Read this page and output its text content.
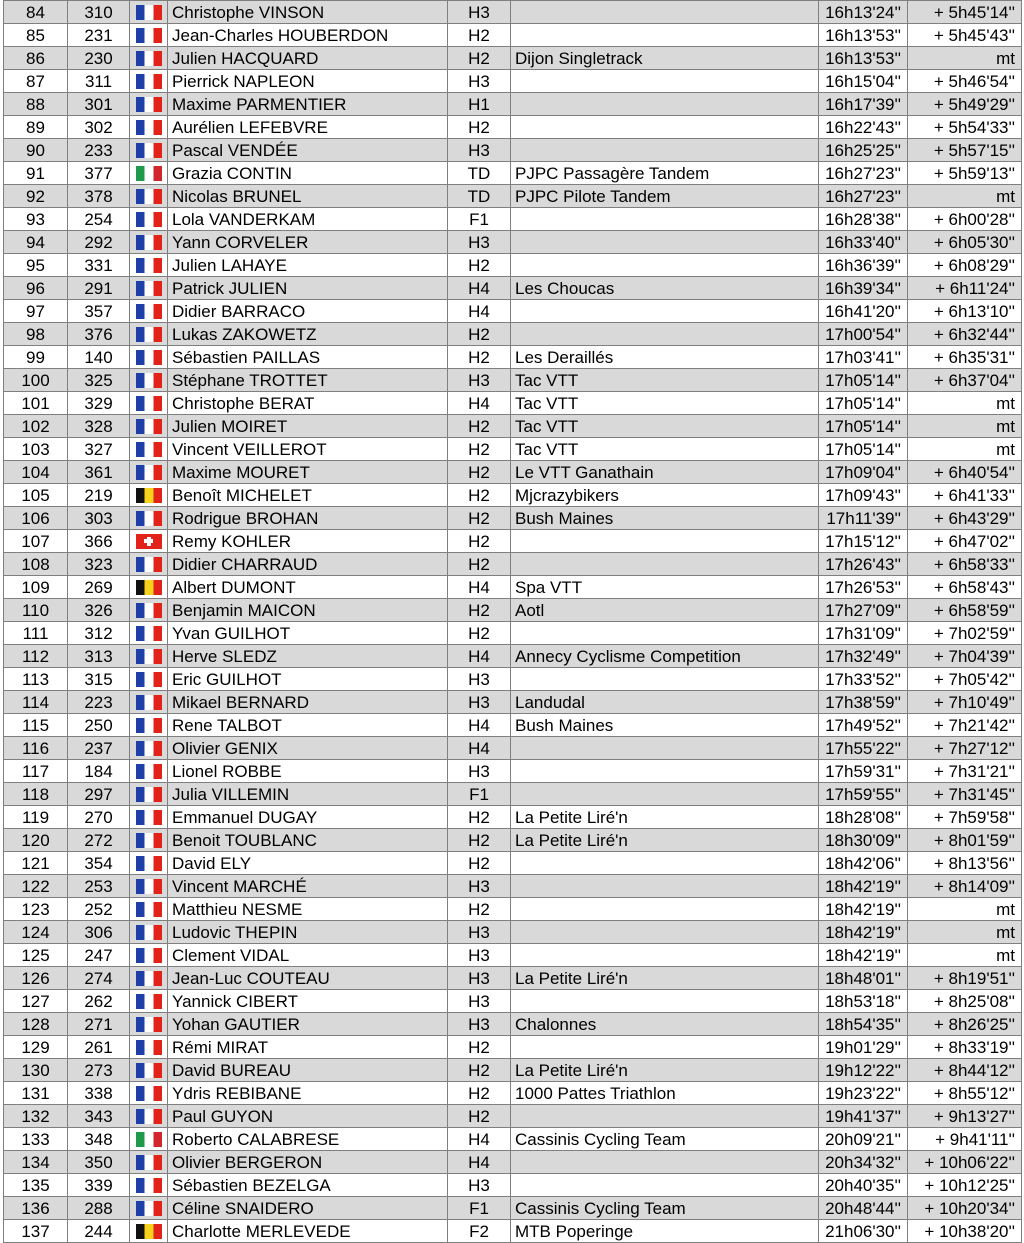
84	310		Christophe VINSON	H3		16h13'24''	+ 5h45'14''
85	231		Jean-Charles HOUBERDON	H2		16h13'53''	+ 5h45'43''
86	230		Julien HACQUARD	H2	Dijon Singletrack	16h13'53''	mt
87	311		Pierrick NAPLEON	H3		16h15'04''	+ 5h46'54''
88	301		Maxime PARMENTIER	H1		16h17'39''	+ 5h49'29''
89	302		Aurélien LEFEBVRE	H2		16h22'43''	+ 5h54'33''
90	233		Pascal VENDÉE	H3		16h25'25''	+ 5h57'15''
91	377		Grazia CONTIN	TD	PJPC Passagère Tandem	16h27'23''	+ 5h59'13''
92	378		Nicolas BRUNEL	TD	PJPC Pilote Tandem	16h27'23''	mt
93	254		Lola VANDERKAM	F1		16h28'38''	+ 6h00'28''
94	292		Yann CORVELER	H3		16h33'40''	+ 6h05'30''
95	331		Julien LAHAYE	H2		16h36'39''	+ 6h08'29''
96	291		Patrick JULIEN	H4	Les Choucas	16h39'34''	+ 6h11'24''
97	357		Didier BARRACO	H4		16h41'20''	+ 6h13'10''
98	376		Lukas ZAKOWETZ	H2		17h00'54''	+ 6h32'44''
99	140		Sébastien PAILLAS	H2	Les Deraillés	17h03'41''	+ 6h35'31''
100	325		Stéphane TROTTET	H3	Tac VTT	17h05'14''	+ 6h37'04''
101	329		Christophe BERAT	H4	Tac VTT	17h05'14''	mt
102	328		Julien MOIRET	H2	Tac VTT	17h05'14''	mt
103	327		Vincent VEILLEROT	H2	Tac VTT	17h05'14''	mt
104	361		Maxime MOURET	H2	Le VTT Ganathain	17h09'04''	+ 6h40'54''
105	219		Benoît MICHELET	H2	Mjcrazybikers	17h09'43''	+ 6h41'33''
106	303		Rodrigue BROHAN	H2	Bush Maines	17h11'39''	+ 6h43'29''
107	366		Remy KOHLER	H2		17h15'12''	+ 6h47'02''
108	323		Didier CHARRAUD	H2		17h26'43''	+ 6h58'33''
109	269		Albert DUMONT	H4	Spa VTT	17h26'53''	+ 6h58'43''
110	326		Benjamin MAICON	H2	Aotl	17h27'09''	+ 6h58'59''
111	312		Yvan GUILHOT	H2		17h31'09''	+ 7h02'59''
112	313		Herve SLEDZ	H4	Annecy Cyclisme Competition	17h32'49''	+ 7h04'39''
113	315		Eric GUILHOT	H3		17h33'52''	+ 7h05'42''
114	223		Mikael BERNARD	H3	Landudal	17h38'59''	+ 7h10'49''
115	250		Rene TALBOT	H4	Bush Maines	17h49'52''	+ 7h21'42''
116	237		Olivier GENIX	H4		17h55'22''	+ 7h27'12''
117	184		Lionel ROBBE	H3		17h59'31''	+ 7h31'21''
118	297		Julia VILLEMIN	F1		17h59'55''	+ 7h31'45''
119	270		Emmanuel DUGAY	H2	La Petite Liré'n	18h28'08''	+ 7h59'58''
120	272		Benoit TOUBLANC	H2	La Petite Liré'n	18h30'09''	+ 8h01'59''
121	354		David ELY	H2		18h42'06''	+ 8h13'56''
122	253		Vincent MARCHÉ	H3		18h42'19''	+ 8h14'09''
123	252		Matthieu NESME	H2		18h42'19''	mt
124	306		Ludovic THEPIN	H3		18h42'19''	mt
125	247		Clement VIDAL	H3		18h42'19''	mt
126	274		Jean-Luc COUTEAU	H3	La Petite Liré'n	18h48'01''	+ 8h19'51''
127	262		Yannick CIBERT	H3		18h53'18''	+ 8h25'08''
128	271		Yohan GAUTIER	H3	Chalonnes	18h54'35''	+ 8h26'25''
129	261		Rémi MIRAT	H2		19h01'29''	+ 8h33'19''
130	273		David BUREAU	H2	La Petite Liré'n	19h12'22''	+ 8h44'12''
131	338		Ydris REBIBANE	H2	1000 Pattes Triathlon	19h23'22''	+ 8h55'12''
132	343		Paul GUYON	H2		19h41'37''	+ 9h13'27''
133	348		Roberto CALABRESE	H4	Cassinis Cycling Team	20h09'21''	+ 9h41'11''
134	350		Olivier BERGERON	H4		20h34'32''	+ 10h06'22''
135	339		Sébastien BEZELGA	H3		20h40'35''	+ 10h12'25''
136	288		Céline SNAIDERO	F1	Cassinis Cycling Team	20h48'44''	+ 10h20'34''
137	244		Charlotte MERLEVEDE	F2	MTB Poperinge	21h06'30''	+ 10h38'20''
